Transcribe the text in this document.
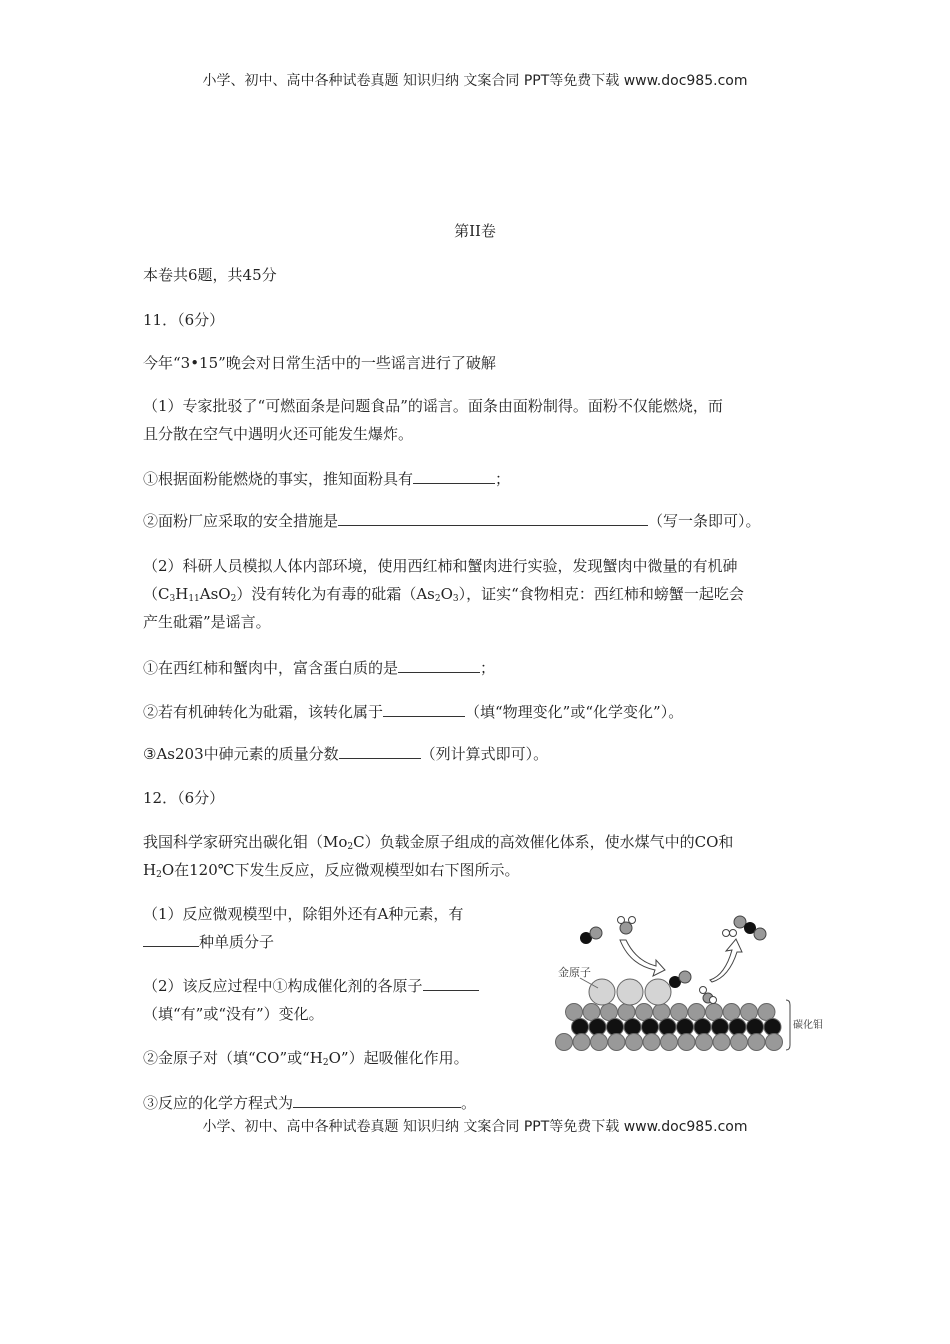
小学、初中、高中各种试卷真题 知识归纳 文案合同 PPT等免费下载 www.doc985.com
第II卷
本卷共6题，共45分
11．（6分）
今年“3•15”晚会对日常生活中的一些谣言进行了破解
（1）专家批驳了“可燃面条是问题食品”的谣言。面条由面粉制得。面粉不仅能燃烧，而
且分散在空气中遇明火还可能发生爆炸。
①根据面粉能燃烧的事实，推知面粉具有	；
②面粉厂应采取的安全措施是	（写一条即可）。
（2）科研人员模拟人体内部环境，使用西红柿和蟹肉进行实验，发现蟹肉中微量的有机砷
$(C_3H_{11}AsO_2)$没有转化为有毒的砒霜$(As_2O_3)$，证实“食物相克：西红柿和螃蟹一起吃会
产生砒霜”是谣言。
①在西红柿和蟹肉中，富含蛋白质的是	；
②若有机砷转化为砒霜，该转化属于	（填“物理变化”或“化学变化”）。
③As203中砷元素的质量分数	（列计算式即可）。
12．（6分）
我国科学家研究出碳化钼$(Mo_2C)$负载金原子组成的高效催化体系，使水煤气中的CO和
$H_2O$在120℃下发生反应，反应微观模型如右下图所示。
（1）反应微观模型中，除钼外还有A种元素，有
种单质分子
（2）该反应过程中①构成催化剂的各原子
（填“有”或“没有”）变化。
②金原子对（填“CO”或“$H_2O$”）起吸催化作用。
③反应的化学方程式为	。
金原子
碳化钼
小学、初中、高中各种试卷真题 知识归纳 文案合同 PPT等免费下载 www.doc985.com
